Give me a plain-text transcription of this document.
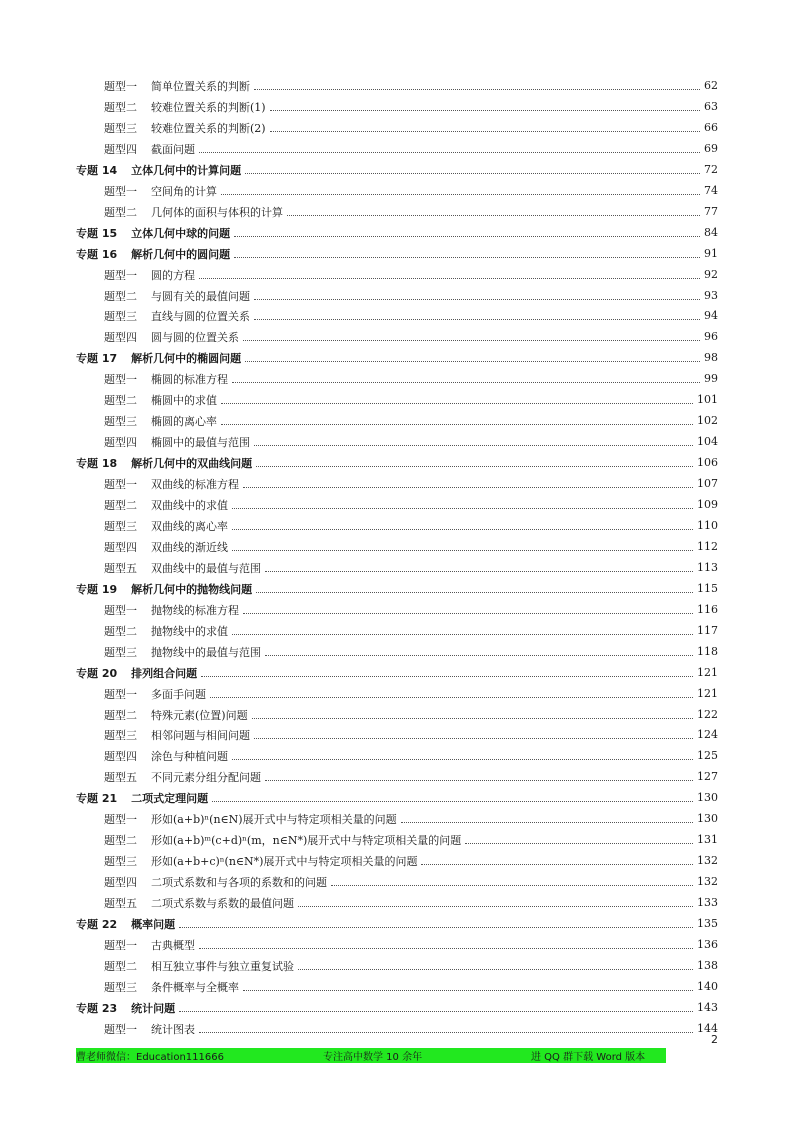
题型一 简单位置关系的判断	62
题型二 较难位置关系的判断(1)	63
题型三 较难位置关系的判断(2)	66
题型四 截面问题	69
专题 14 立体几何中的计算问题	72
题型一 空间角的计算	74
题型二 几何体的面积与体积的计算	77
专题 15 立体几何中球的问题	84
专题 16 解析几何中的圆问题	91
题型一 圆的方程	92
题型二 与圆有关的最值问题	93
题型三 直线与圆的位置关系	94
题型四 圆与圆的位置关系	96
专题 17 解析几何中的椭圆问题	98
题型一 椭圆的标准方程	99
题型二 椭圆中的求值	101
题型三 椭圆的离心率	102
题型四 椭圆中的最值与范围	104
专题 18 解析几何中的双曲线问题	106
题型一 双曲线的标准方程	107
题型二 双曲线中的求值	109
题型三 双曲线的离心率	110
题型四 双曲线的渐近线	112
题型五 双曲线中的最值与范围	113
专题 19 解析几何中的抛物线问题	115
题型一 抛物线的标准方程	116
题型二 抛物线中的求值	117
题型三 抛物线中的最值与范围	118
专题 20 排列组合问题	121
题型一 多面手问题	121
题型二 特殊元素(位置)问题	122
题型三 相邻问题与相间问题	124
题型四 涂色与种植问题	125
题型五 不同元素分组分配问题	127
专题 21 二项式定理问题	130
题型一 形如(a+b)ⁿ(n∈N)展开式中与特定项相关量的问题	130
题型二 形如(a+b)ᵐ(c+d)ⁿ(m，n∈N*)展开式中与特定项相关量的问题	131
题型三 形如(a+b+c)ⁿ(n∈N*)展开式中与特定项相关量的问题	132
题型四 二项式系数和与各项的系数和的问题	132
题型五 二项式系数与系数的最值问题	133
专题 22 概率问题	135
题型一 古典概型	136
题型二 相互独立事件与独立重复试验	138
题型三 条件概率与全概率	140
专题 23 统计问题	143
题型一 统计图表	144
2
曹老师微信：Education111666	专注高中数学 10 余年	进 QQ 群下载 Word 版本
